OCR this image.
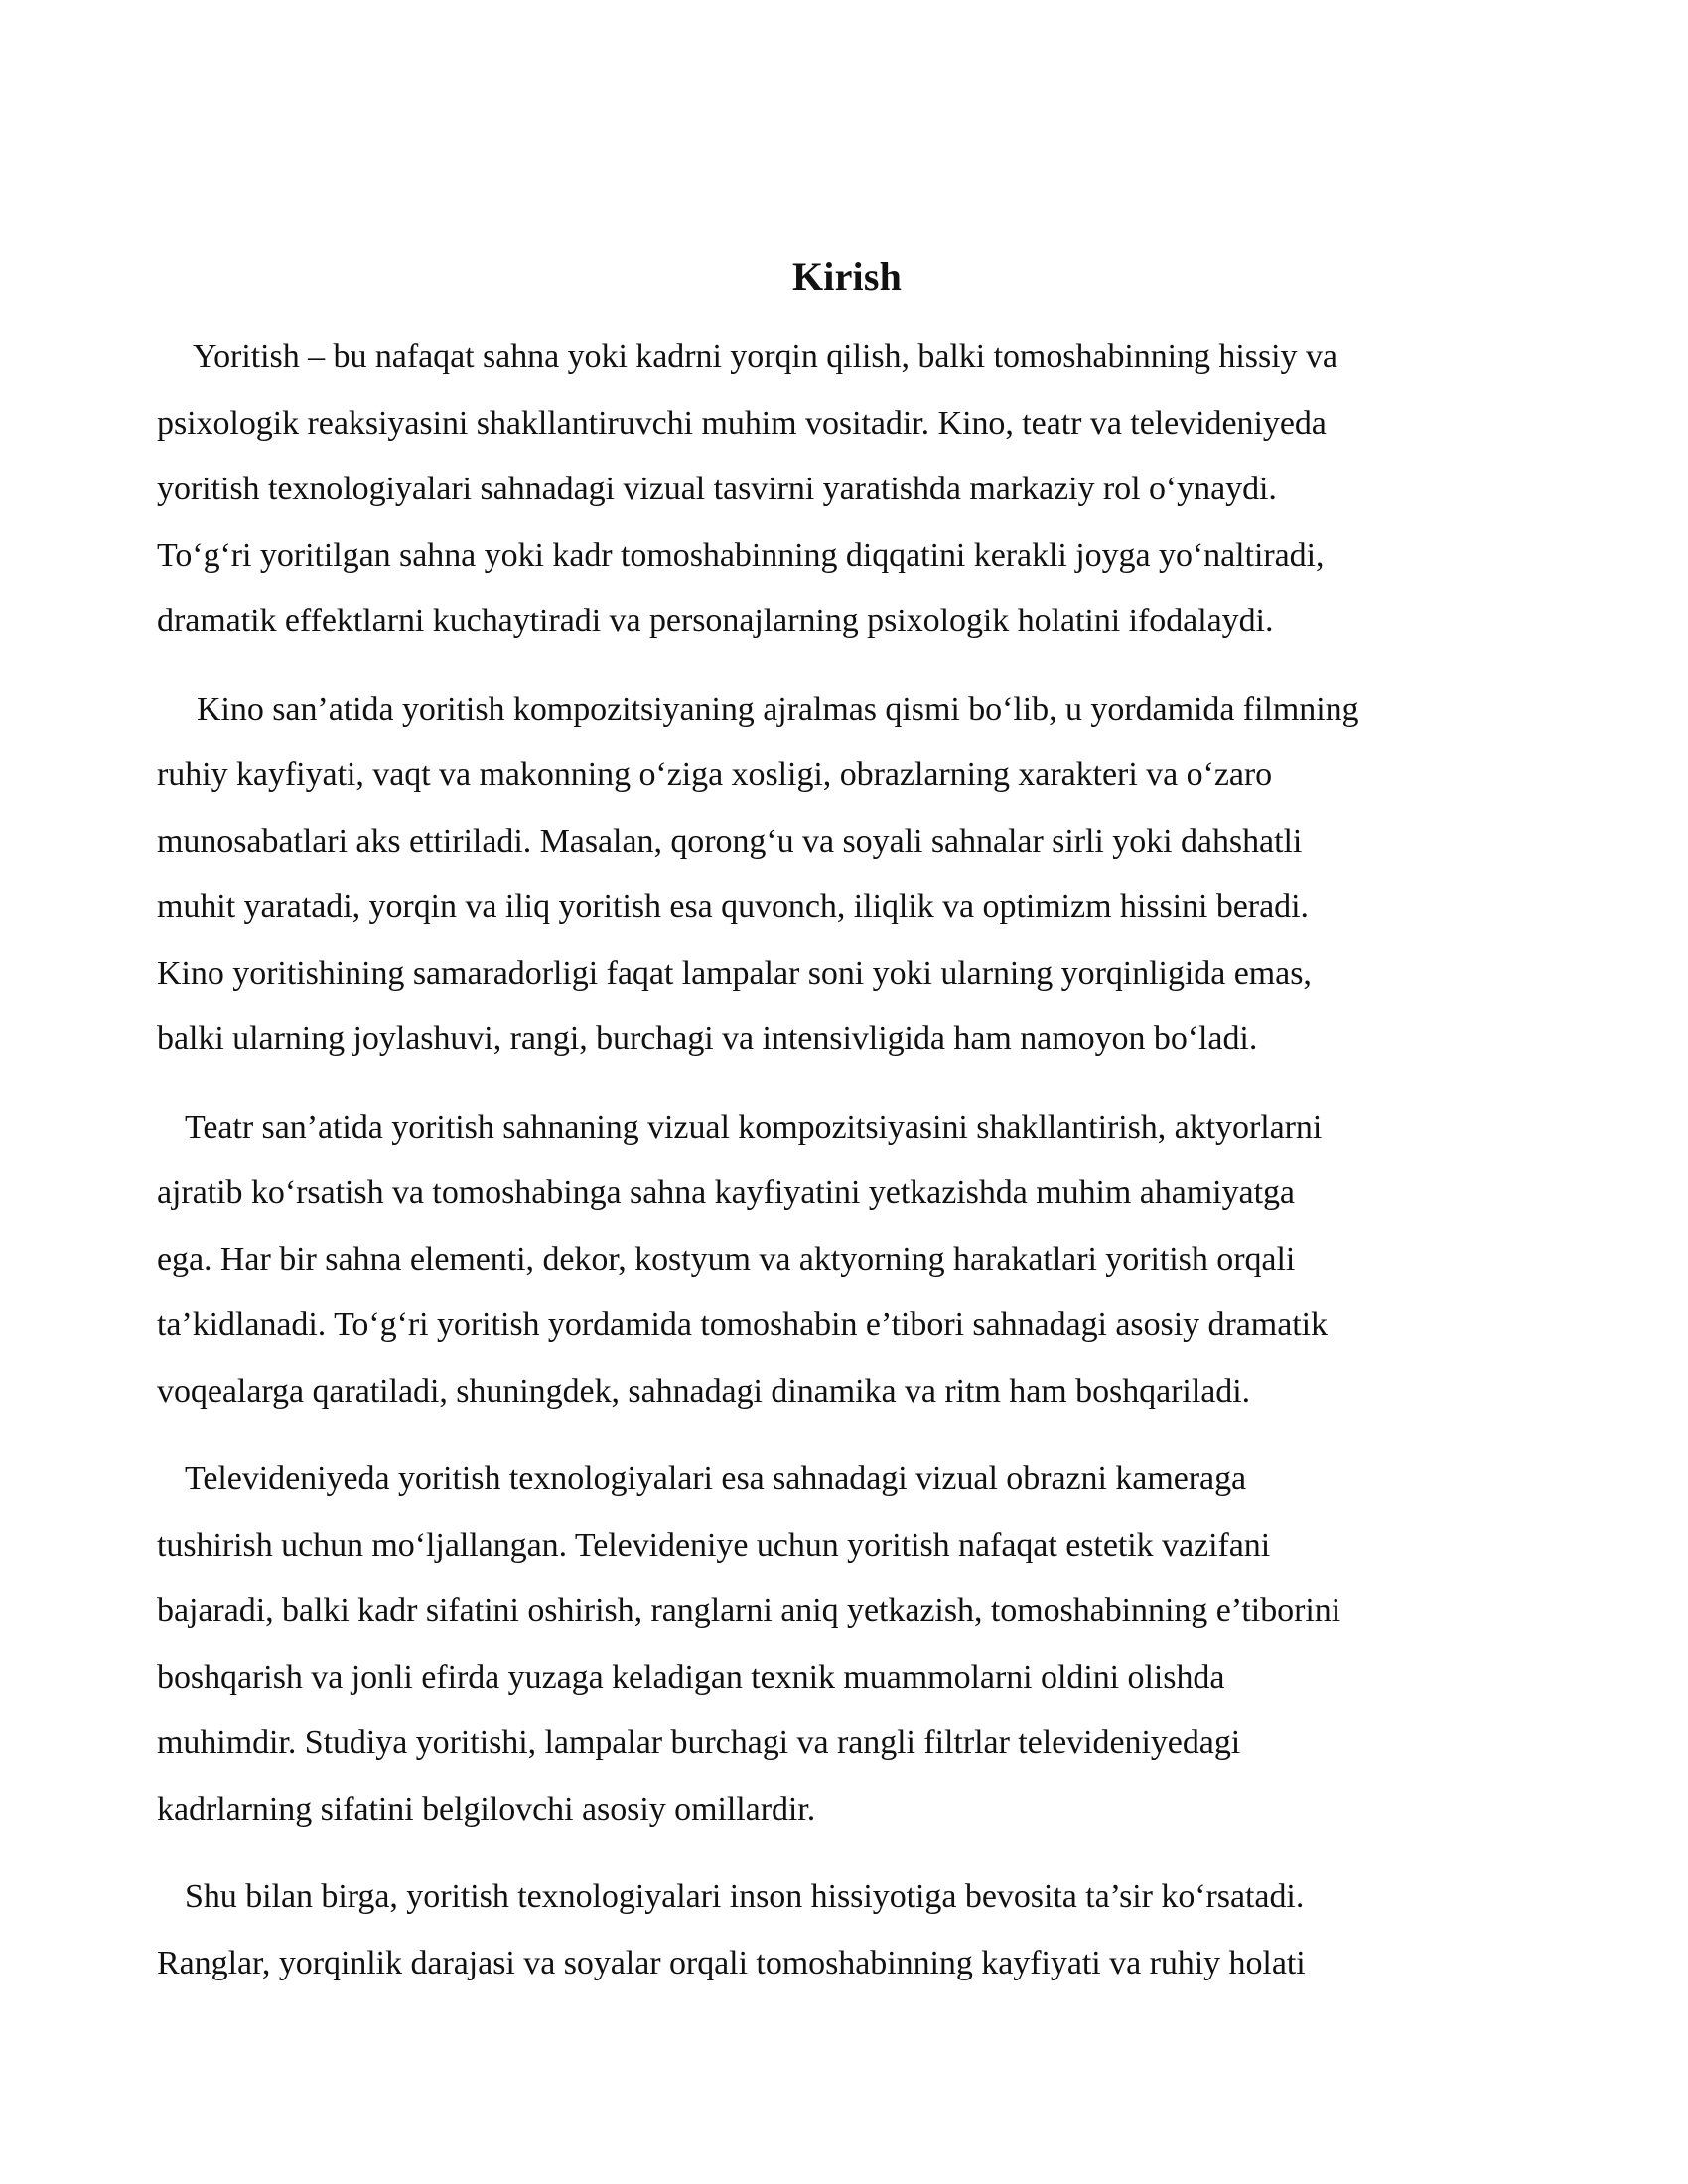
Kirish

Yoritish – bu nafaqat sahna yoki kadrni yorqin qilish, balki tomoshabinning hissiy va
psixologik reaksiyasini shakllantiruvchi muhim vositadir. Kino, teatr va televideniyeda
yoritish texnologiyalari sahnadagi vizual tasvirni yaratishda markaziy rol o‘ynaydi.
To‘g‘ri yoritilgan sahna yoki kadr tomoshabinning diqqatini kerakli joyga yo‘naltiradi,
dramatik effektlarni kuchaytiradi va personajlarning psixologik holatini ifodalaydi.

Kino san’atida yoritish kompozitsiyaning ajralmas qismi bo‘lib, u yordamida filmning
ruhiy kayfiyati, vaqt va makonning o‘ziga xosligi, obrazlarning xarakteri va o‘zaro
munosabatlari aks ettiriladi. Masalan, qorong‘u va soyali sahnalar sirli yoki dahshatli
muhit yaratadi, yorqin va iliq yoritish esa quvonch, iliqlik va optimizm hissini beradi.
Kino yoritishining samaradorligi faqat lampalar soni yoki ularning yorqinligida emas,
balki ularning joylashuvi, rangi, burchagi va intensivligida ham namoyon bo‘ladi.

Teatr san’atida yoritish sahnaning vizual kompozitsiyasini shakllantirish, aktyorlarni
ajratib ko‘rsatish va tomoshabinga sahna kayfiyatini yetkazishda muhim ahamiyatga
ega. Har bir sahna elementi, dekor, kostyum va aktyorning harakatlari yoritish orqali
ta’kidlanadi. To‘g‘ri yoritish yordamida tomoshabin e’tibori sahnadagi asosiy dramatik
voqealarga qaratiladi, shuningdek, sahnadagi dinamika va ritm ham boshqariladi.

Televideniyeda yoritish texnologiyalari esa sahnadagi vizual obrazni kameraga
tushirish uchun mo‘ljallangan. Televideniye uchun yoritish nafaqat estetik vazifani
bajaradi, balki kadr sifatini oshirish, ranglarni aniq yetkazish, tomoshabinning e’tiborini
boshqarish va jonli efirda yuzaga keladigan texnik muammolarni oldini olishda
muhimdir. Studiya yoritishi, lampalar burchagi va rangli filtrlar televideniyedagi
kadrlarning sifatini belgilovchi asosiy omillardir.

Shu bilan birga, yoritish texnologiyalari inson hissiyotiga bevosita ta’sir ko‘rsatadi.
Ranglar, yorqinlik darajasi va soyalar orqali tomoshabinning kayfiyati va ruhiy holati
